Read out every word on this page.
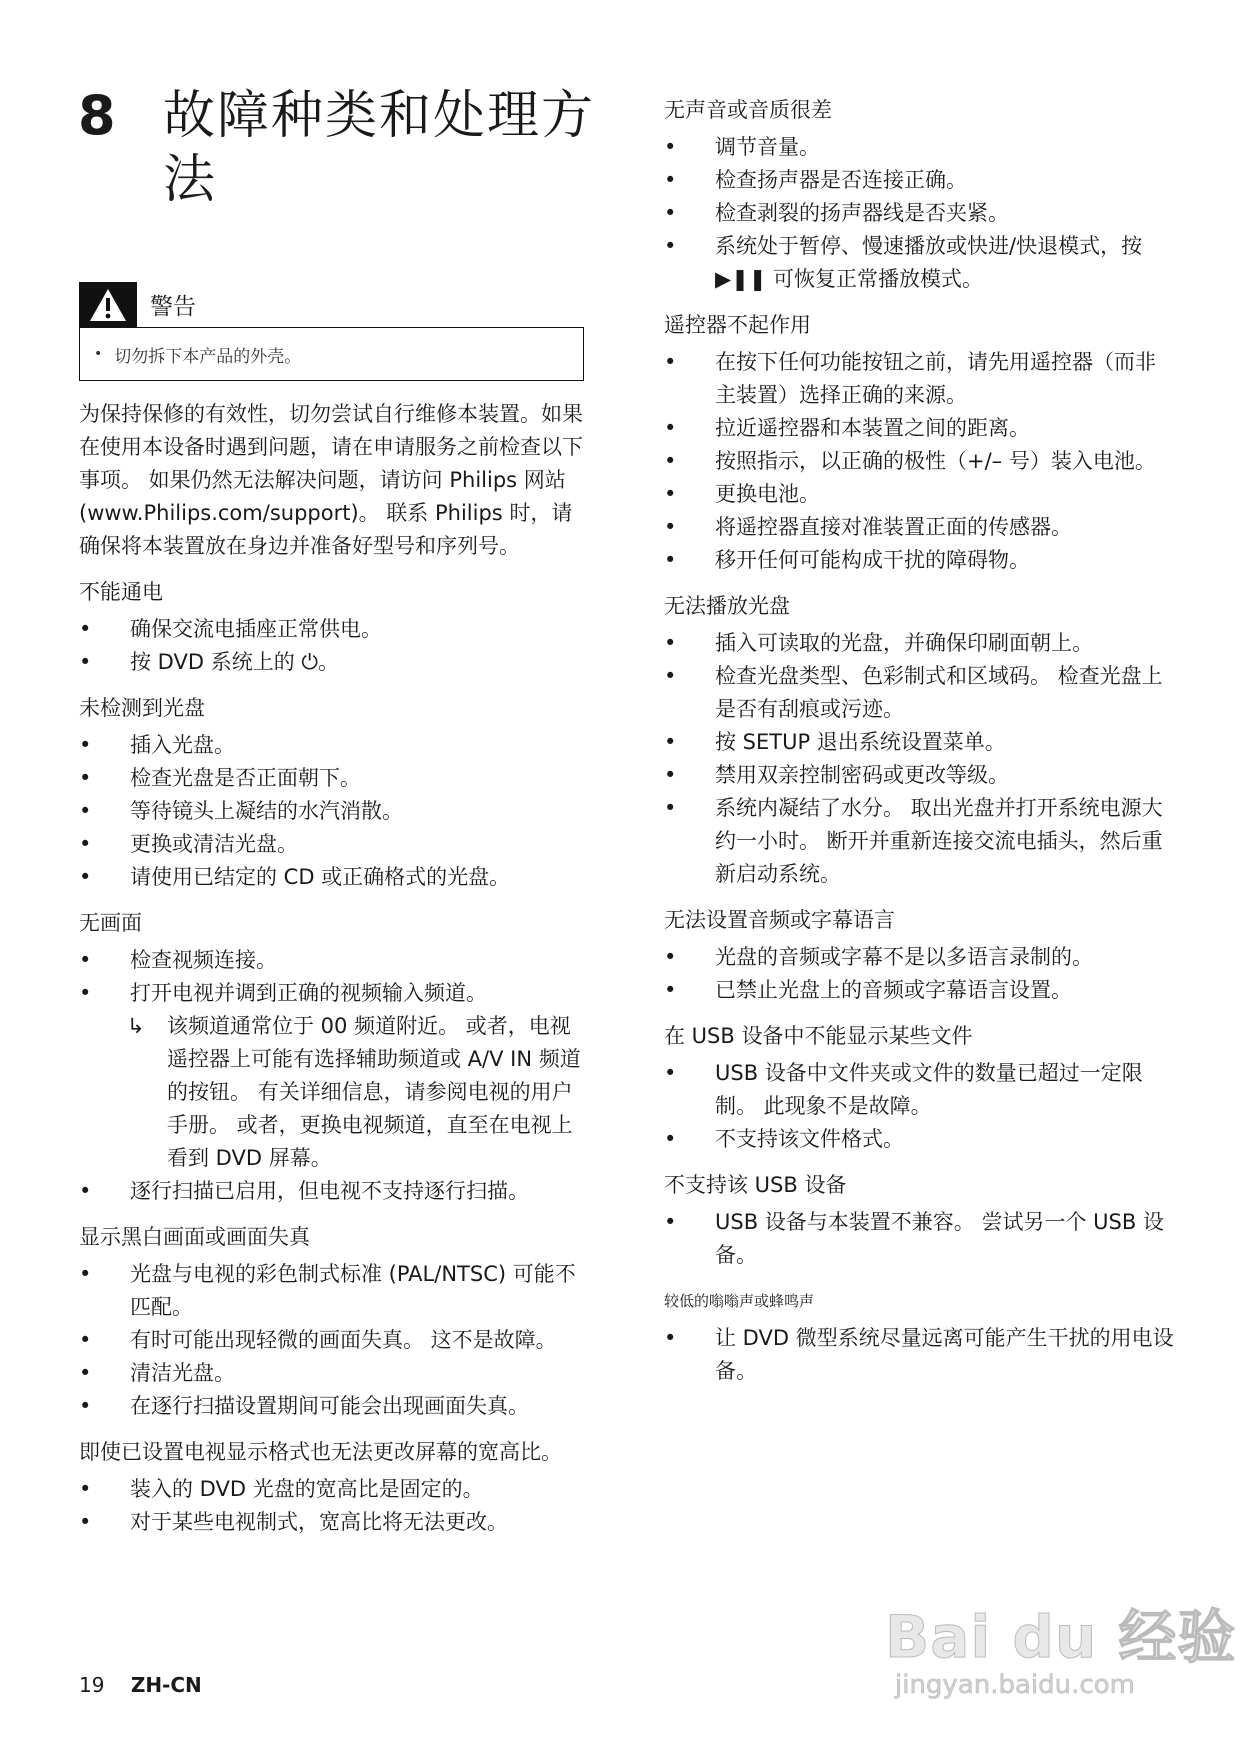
8 故障种类和处理方法
警告
• 切勿拆下本产品的外壳。

为保持保修的有效性，切勿尝试自行维修本装置。如果在使用本设备时遇到问题，请在申请服务之前检查以下事项。 如果仍然无法解决问题，请访问 Philips 网站 (www.Philips.com/support)。 联系 Philips 时，请确保将本装置放在身边并准备好型号和序列号。

不能通电
• 确保交流电插座正常供电。
• 按 DVD 系统上的 ⏻。
未检测到光盘
• 插入光盘。
• 检查光盘是否正面朝下。
• 等待镜头上凝结的水汽消散。
• 更换或清洁光盘。
• 请使用已结定的 CD 或正确格式的光盘。
无画面
• 检查视频连接。
• 打开电视并调到正确的视频输入频道。
↳ 该频道通常位于 00 频道附近。 或者，电视遥控器上可能有选择辅助频道或 A/V IN 频道的按钮。 有关详细信息，请参阅电视的用户手册。 或者，更换电视频道，直至在电视上看到 DVD 屏幕。
• 逐行扫描已启用，但电视不支持逐行扫描。
显示黑白画面或画面失真
• 光盘与电视的彩色制式标准 (PAL/NTSC) 可能不匹配。
• 有时可能出现轻微的画面失真。 这不是故障。
• 清洁光盘。
• 在逐行扫描设置期间可能会出现画面失真。
即使已设置电视显示格式也无法更改屏幕的宽高比。
• 装入的 DVD 光盘的宽高比是固定的。
• 对于某些电视制式，宽高比将无法更改。
无声音或音质很差
• 调节音量。
• 检查扬声器是否连接正确。
• 检查剥裂的扬声器线是否夹紧。
• 系统处于暂停、慢速播放或快进/快退模式，按 ▶❚❚ 可恢复正常播放模式。
遥控器不起作用
• 在按下任何功能按钮之前，请先用遥控器（而非主装置）选择正确的来源。
• 拉近遥控器和本装置之间的距离。
• 按照指示，以正确的极性（+/– 号）装入电池。
• 更换电池。
• 将遥控器直接对准装置正面的传感器。
• 移开任何可能构成干扰的障碍物。
无法播放光盘
• 插入可读取的光盘，并确保印刷面朝上。
• 检查光盘类型、色彩制式和区域码。 检查光盘上是否有刮痕或污迹。
• 按 SETUP 退出系统设置菜单。
• 禁用双亲控制密码或更改等级。
• 系统内凝结了水分。 取出光盘并打开系统电源大约一小时。 断开并重新连接交流电插头，然后重新启动系统。
无法设置音频或字幕语言
• 光盘的音频或字幕不是以多语言录制的。
• 已禁止光盘上的音频或字幕语言设置。
在 USB 设备中不能显示某些文件
• USB 设备中文件夹或文件的数量已超过一定限制。 此现象不是故障。
• 不支持该文件格式。
不支持该 USB 设备
• USB 设备与本装置不兼容。 尝试另一个 USB 设备。
较低的嗡嗡声或蜂鸣声
• 让 DVD 微型系统尽量远离可能产生干扰的用电设备。
19 ZH-CN
Bai du 经验
jingyan.baidu.com
